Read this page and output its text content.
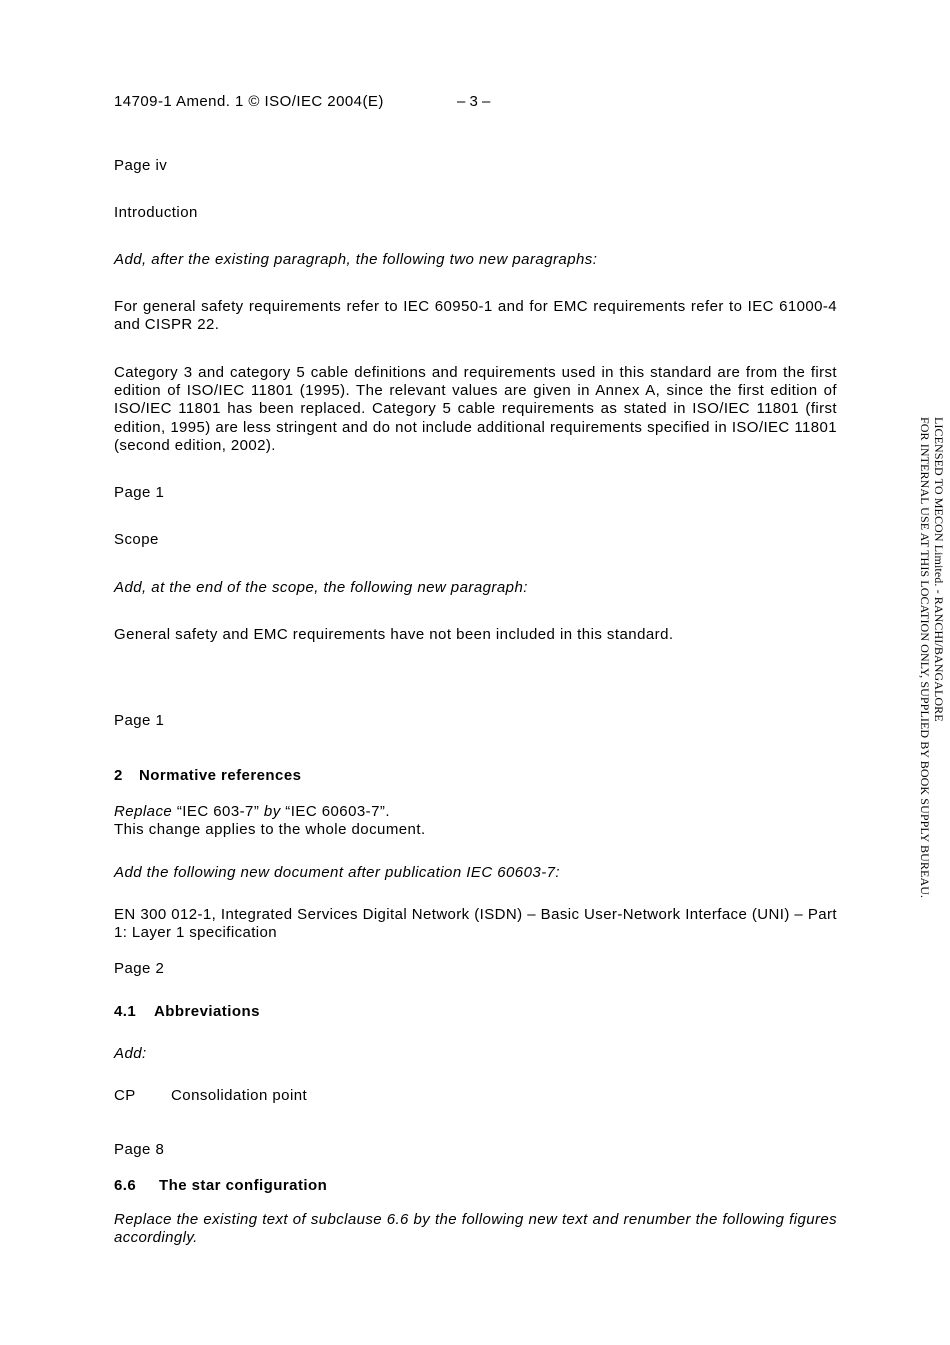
14709-1 Amend. 1 © ISO/IEC 2004(E)	– 3 –
Page iv
Introduction
Add, after the existing paragraph, the following two new paragraphs:
For general safety requirements refer to IEC 60950-1 and for EMC requirements refer to IEC 61000-4 and CISPR 22.
Category 3 and category 5 cable definitions and requirements used in this standard are from the first edition of ISO/IEC 11801 (1995). The relevant values are given in Annex A, since the first edition of ISO/IEC 11801 has been replaced. Category 5 cable requirements as stated in ISO/IEC 11801 (first edition, 1995) are less stringent and do not include additional requirements specified in ISO/IEC 11801 (second edition, 2002).
Page 1
Scope
Add, at the end of the scope, the following new paragraph:
General safety and EMC requirements have not been included in this standard.
Page 1
2 Normative references
Replace “IEC 603-7” by “IEC 60603-7”.
This change applies to the whole document.
Add the following new document after publication IEC 60603-7:
EN 300 012-1, Integrated Services Digital Network (ISDN) – Basic User-Network Interface (UNI) – Part 1: Layer 1 specification
Page 2
4.1 Abbreviations
Add:
CP Consolidation point
Page 8
6.6 The star configuration
Replace the existing text of subclause 6.6 by the following new text and renumber the following figures accordingly.
LICENSED TO MECON Limited. - RANCHI/BANGALORE
FOR INTERNAL USE AT THIS LOCATION ONLY, SUPPLIED BY BOOK SUPPLY BUREAU.
